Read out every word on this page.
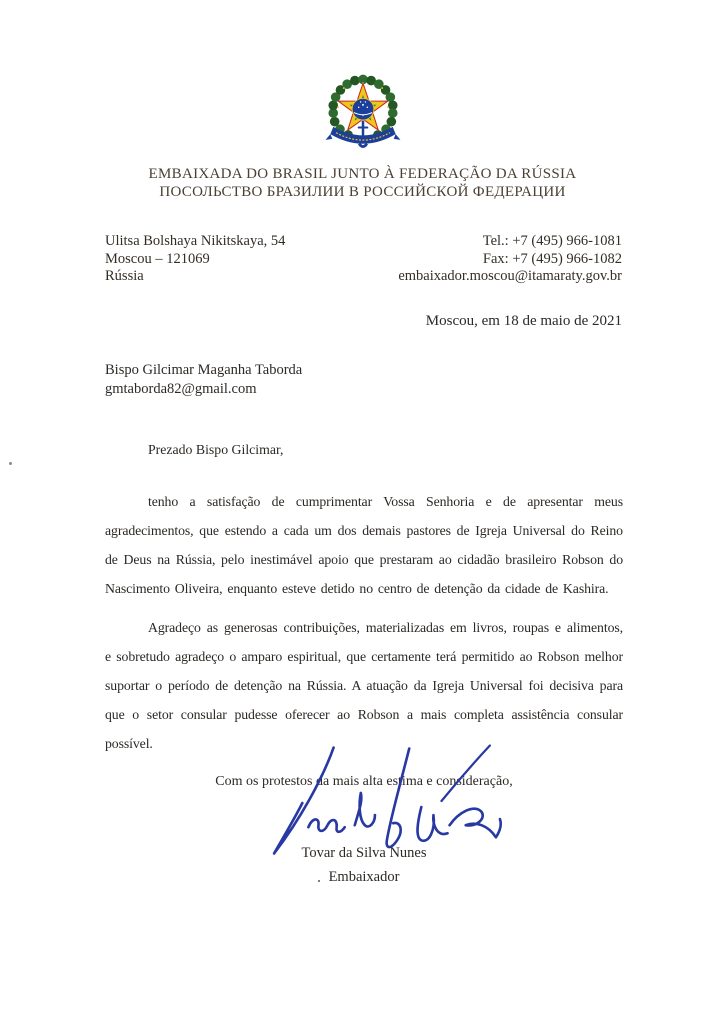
EMBAIXADA DO BRASIL JUNTO À FEDERAÇÃO DA RÚSSIA
ПОСОЛЬСТВО БРАЗИЛИИ В РОССИЙСКОЙ ФЕДЕРАЦИИ
Ulitsa Bolshaya Nikitskaya, 54
Moscou – 121069
Rússia
Tel.: +7 (495) 966-1081
Fax: +7 (495) 966-1082
embaixador.moscou@itamaraty.gov.br
Moscou, em 18 de maio de 2021
Bispo Gilcimar Maganha Taborda
gmtaborda82@gmail.com

Prezado Bispo Gilcimar,

tenho a satisfação de cumprimentar Vossa Senhoria e de apresentar meus agradecimentos, que estendo a cada um dos demais pastores de Igreja Universal do Reino de Deus na Rússia, pelo inestimável apoio que prestaram ao cidadão brasileiro Robson do Nascimento Oliveira, enquanto esteve detido no centro de detenção da cidade de Kashira.

Agradeço as generosas contribuições, materializadas em livros, roupas e alimentos, e sobretudo agradeço o amparo espiritual, que certamente terá permitido ao Robson melhor suportar o período de detenção na Rússia. A atuação da Igreja Universal foi decisiva para que o setor consular pudesse oferecer ao Robson a mais completa assistência consular possível.

Com os protestos da mais alta estima e consideração,
Tovar da Silva Nunes
Embaixador
